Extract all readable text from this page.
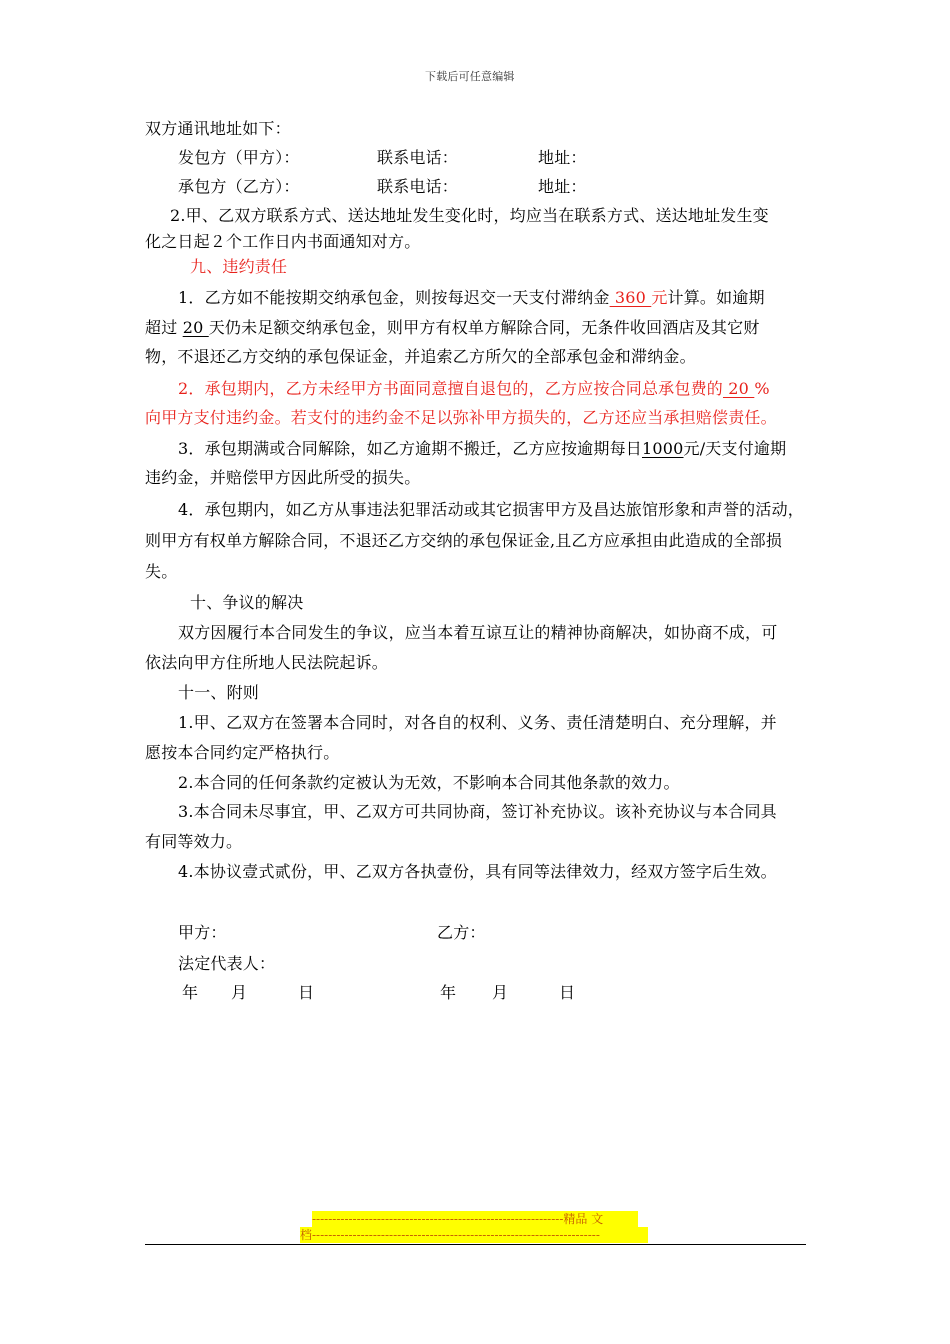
下载后可任意编辑
双方通讯地址如下：
发包方（甲方）：	联系电话：	地址：
承包方（乙方）：	联系电话：	地址：
2.甲、乙双方联系方式、送达地址发生变化时，均应当在联系方式、送达地址发生变
化之日起２个工作日内书面通知对方。
九、违约责任
1．乙方如不能按期交纳承包金，则按每迟交一天支付滞纳金 360 元计算。如逾期
超过 20 天仍未足额交纳承包金，则甲方有权单方解除合同，无条件收回酒店及其它财
物，不退还乙方交纳的承包保证金，并追索乙方所欠的全部承包金和滞纳金。
2．承包期内，乙方未经甲方书面同意擅自退包的，乙方应按合同总承包费的 20 %
向甲方支付违约金。若支付的违约金不足以弥补甲方损失的，乙方还应当承担赔偿责任。
3．承包期满或合同解除，如乙方逾期不搬迁，乙方应按逾期每日1000元/天支付逾期
违约金，并赔偿甲方因此所受的损失。
4．承包期内，如乙方从事违法犯罪活动或其它损害甲方及昌达旅馆形象和声誉的活动，
则甲方有权单方解除合同，不退还乙方交纳的承包保证金,且乙方应承担由此造成的全部损
失。
十、争议的解决
双方因履行本合同发生的争议，应当本着互谅互让的精神协商解决，如协商不成，可
依法向甲方住所地人民法院起诉。
十一、附则
1.甲、乙双方在签署本合同时，对各自的权利、义务、责任清楚明白、充分理解，并
愿按本合同约定严格执行。
2.本合同的任何条款约定被认为无效，不影响本合同其他条款的效力。
3.本合同未尽事宜，甲、乙双方可共同协商，签订补充协议。该补充协议与本合同具
有同等效力。
4.本协议壹式贰份，甲、乙双方各执壹份，具有同等法律效力，经双方签字后生效。
甲方：	乙方：
法定代表人：
年 月	日	年 月	日
--------------------------------------------------------------精品 文
档-----------------------------------------------------------------------
